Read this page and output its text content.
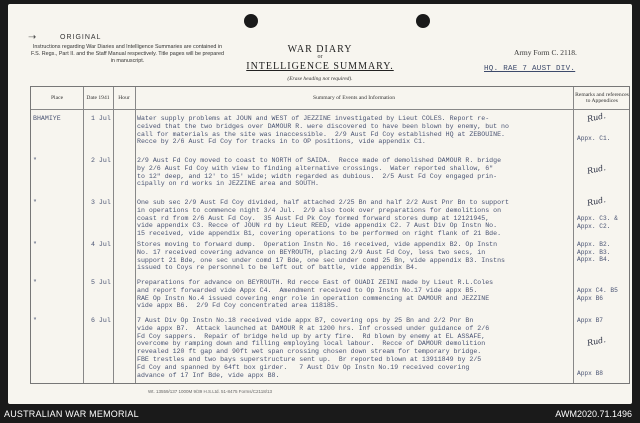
➝	ORIGINAL
Instructions regarding War Diaries and Intelligence Summaries are contained in F.S. Regs., Part II. and the Staff Manual respectively. Title pages will be prepared in manuscript.
WAR DIARY
or
INTELLIGENCE SUMMARY.
(Erase heading not required).
Army Form C. 2118.
HQ. RAE 7 AUST DIV.
Place	Date 1941	Hour	Summary of Events and Information
Remarks and references to Appendices
BHAMIYE	1 Jul	Water supply problems at JOUN and WEST of JEZZINE investigated by Lieut COLES. Report re-
ceived that the two bridges over DAMOUR R. were discovered to have been blown by enemy, but no
call for materials as the site was inaccessible.  2/9 Aust Fd Coy established HQ at ZEBOUINE.
Recce by 2/6 Aust Fd Coy for tracks in to OP positions, vide appendix C1.
Rud.
Appx. C1.
"	2 Jul	2/9 Aust Fd Coy moved to coast to NORTH of SAIDA.  Recce made of demolished DAMOUR R. bridge
by 2/6 Aust Fd Coy with view to finding alternative crossings.  Water reported shallow, 6"
to 12" deep, and 12' to 15' wide; width regarded as dubious.  2/5 Aust Fd Coy engaged prin-
cipally on rd works in JEZZINE area and SOUTH.
Rud.
"	3 Jul	One sub sec 2/9 Aust Fd Coy divided, half attached 2/25 Bn and half 2/2 Aust Pnr Bn to support
in operations to commence night 3/4 Jul.  2/9 also took over preparations for demolitions on
coast rd from 2/6 Aust Fd Coy.  35 Aust Fd Pk Coy formed forward stores dump at 12121945,
vide appendix C3. Recce of JOUN rd by Lieut REED, vide appendix C2. 7 Aust Div Op Instn No.
15 received, vide appendix B1, covering operations to be performed on right flank of 21 Bde.
Rud.
Appx. C3. &
Appx. C2.
"	4 Jul	Stores moving to forward dump.  Operation Instn No. 16 received, vide appendix B2. Op Instn
No. 17 received covering advance on BEYROUTH, placing 2/9 Aust Fd Coy, less two secs, in
support 21 Bde, one sec under comd 17 Bde, one sec under comd 25 Bn, vide appendix B3. Instns
issued to Coys re personnel to be left out of battle, vide appendix B4.
Appx. B2.
Appx. B3.
Appx. B4.
"	5 Jul	Preparations for advance on BEYROUTH. Rd recce East of OUADI ZEINI made by Lieut R.L.Coles
and report forwarded vide Appx C4.  Amendment received to Op Instn No.17 vide appx B5.
RAE Op Instn No.4 issued covering engr role in operation commencing at DAMOUR and JEZZINE
vide appx B6.  2/9 Fd Coy concentrated area 118185.
Appx C4. B5
Appx B6
"	6 Jul	7 Aust Div Op Instn No.18 received vide appx B7, covering ops by 25 Bn and 2/2 Pnr Bn
vide appx B7.  Attack launched at DAMOUR R at 1200 hrs. Inf crossed under guidance of 2/6
Fd Coy sappers.  Repair of bridge held up by arty fire.  Rd blown by enemy at EL ASSAFE,
overcome by ramping down and filling employing local labour.  Recce of DAMOUR demolition
revealed 120 ft gap and 90ft wet span crossing chosen down stream for temporary bridge.
FBE trestles and two bays superstructure sent up.  Br reported blown at 13911849 by 2/5
Fd Coy and spanned by 64ft box girder.   7 Aust Div Op Instn No.19 received covering
advance of 17 Inf Bde, vide appx B8.
Rud.
Appx B7

Appx B8
Wt. 13559/137 1000M 9/39 H.S.Ltd. 51-8475 Forms/C2118/13
AUSTRALIAN WAR MEMORIAL	AWM2020.71.1496
